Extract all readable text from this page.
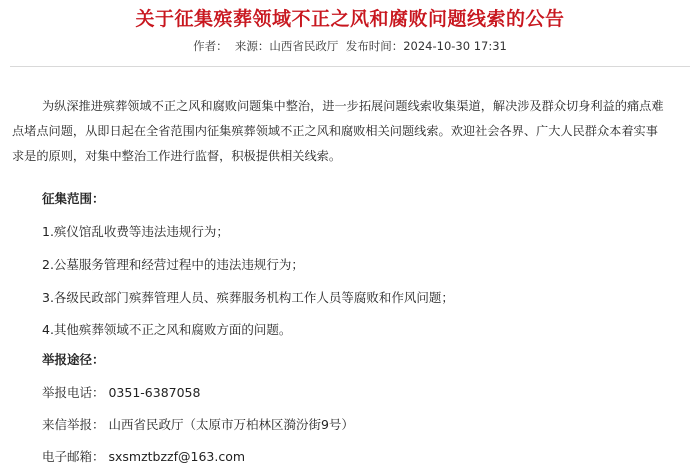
关于征集殡葬领域不正之风和腐败问题线索的公告
作者： 来源：山西省民政厅 发布时间：2024-10-30 17:31
为纵深推进殡葬领域不正之风和腐败问题集中整治，进一步拓展问题线索收集渠道，解决涉及群众切身利益的痛点难
点堵点问题，从即日起在全省范围内征集殡葬领域不正之风和腐败相关问题线索。欢迎社会各界、广大人民群众本着实事
求是的原则，对集中整治工作进行监督，积极提供相关线索。
征集范围：
1.殡仪馆乱收费等违法违规行为；
2.公墓服务管理和经营过程中的违法违规行为；
3.各级民政部门殡葬管理人员、殡葬服务机构工作人员等腐败和作风问题；
4.其他殡葬领域不正之风和腐败方面的问题。
举报途径：
举报电话： 0351-6387058
来信举报： 山西省民政厅（太原市万柏林区漪汾街9号）
电子邮箱： sxsmztbzzf@163.com
